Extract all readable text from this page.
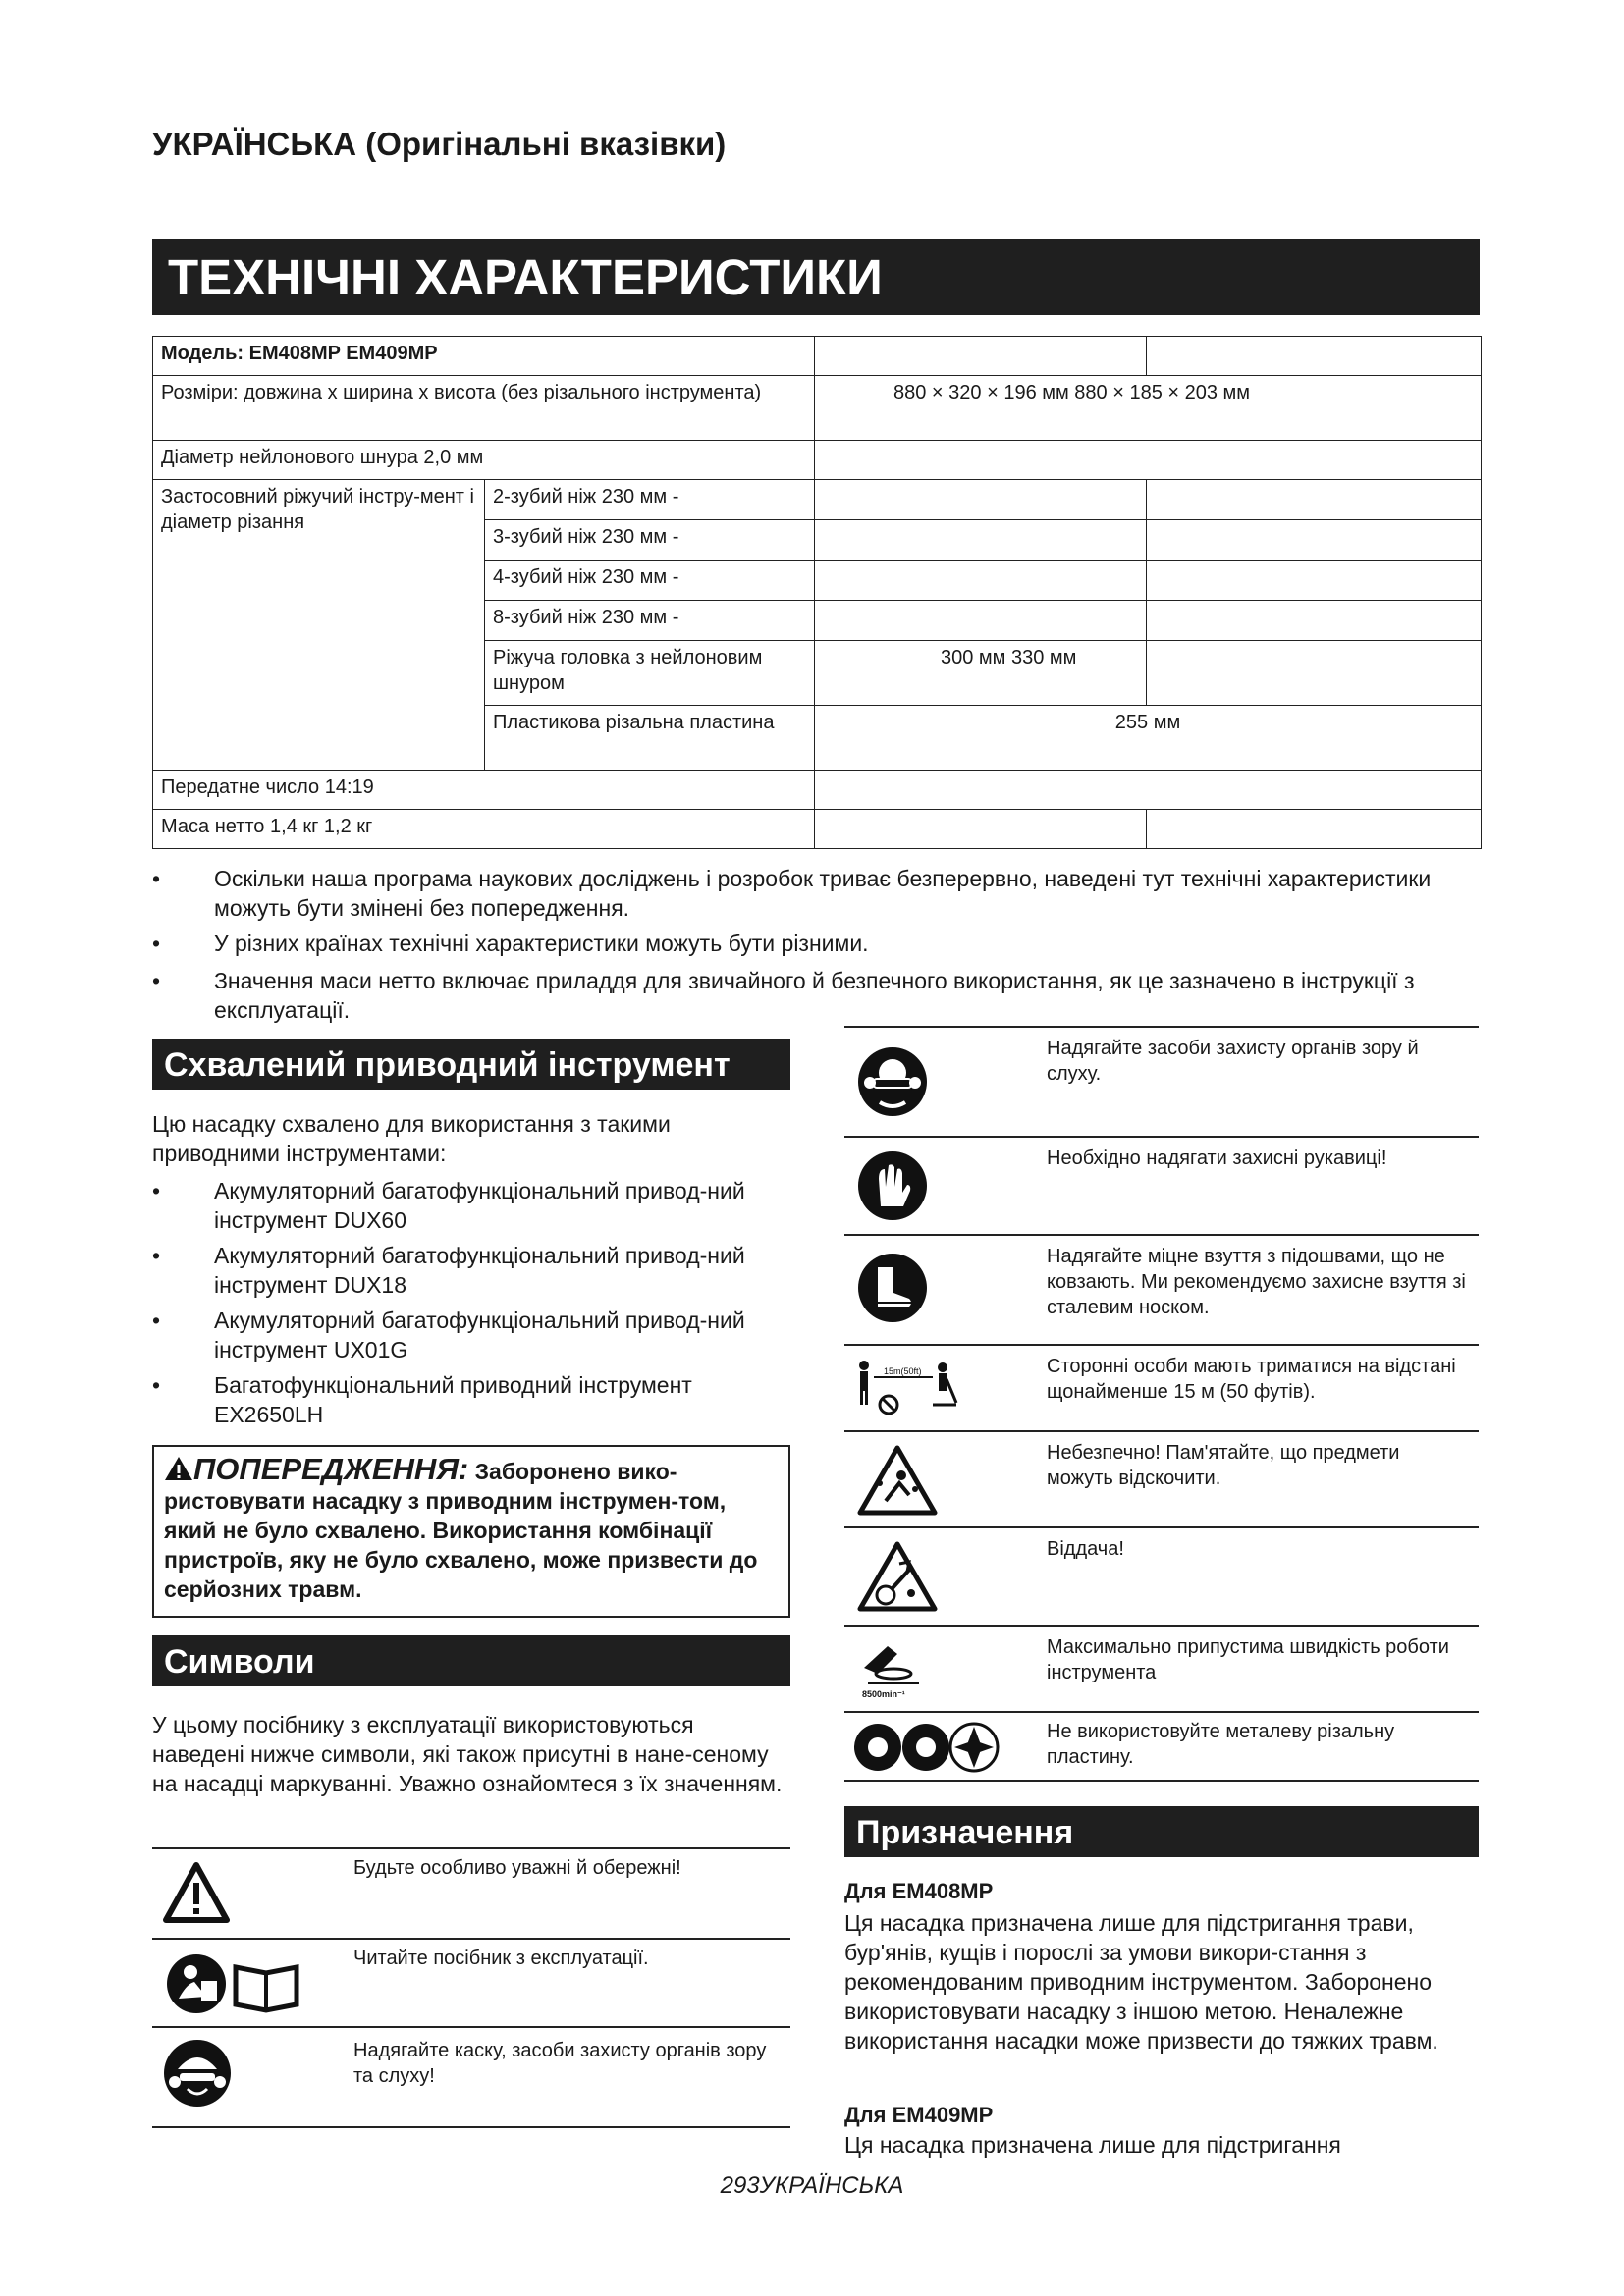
УКРАЇНСЬКА (Оригінальні вказівки)
ТЕХНІЧНІ ХАРАКТЕРИСТИКИ
Модель: EM408MP EM409MP			
Розміри: довжина x ширина x висота (без різального інструмента)		880 × 320 × 196 мм 880 × 185 × 203 мм	
Діаметр нейлонового шнура 2,0 мм			
Застосовний ріжучий інстру-мент і діаметр різання	2-зубий ніж 230 мм -		
	3-зубий ніж 230 мм -		
	4-зубий ніж 230 мм -		
	8-зубий ніж 230 мм -		
	Ріжуча головка з нейлоновим шнуром	300 мм 330 мм	
	Пластикова різальна пластина	255 мм	
Передатне число 14:19			
Маса нетто 1,4 кг 1,2 кг			
• Оскільки наша програма наукових досліджень і розробок триває безперервно, наведені тут технічні характеристики можуть бути змінені без попередження.
• У різних країнах технічні характеристики можуть бути різними.
• Значення маси нетто включає приладдя для звичайного й безпечного використання, як це зазначено в інструкції з експлуатації.
Схвалений приводний інструмент
Цю насадку схвалено для використання з такими приводними інструментами:
• Акумуляторний багатофункціональний привод-ний інструмент DUX60
• Акумуляторний багатофункціональний привод-ний інструмент DUX18
• Акумуляторний багатофункціональний привод-ний інструмент UX01G
• Багатофункціональний приводний інструмент EX2650LH
ПОПЕРЕДЖЕННЯ: Заборонено вико-ристовувати насадку з приводним інструмен-том, який не було схвалено. Використання комбінації пристроїв, яку не було схвалено, може призвести до серйозних травм.
Символи
У цьому посібнику з експлуатації використовуються наведені нижче символи, які також присутні в нане-сеному на насадці маркуванні. Уважно ознайомтеся з їх значенням.
Будьте особливо уважні й обережні!
Читайте посібник з експлуатації.
Надягайте каску, засоби захисту органів зору та слуху!
Надягайте засоби захисту органів зору й слуху.
Необхідно надягати захисні рукавиці!
Надягайте міцне взуття з підошвами, що не ковзають. Ми рекомендуємо захисне взуття зі сталевим носком.
15m(50ft)	Сторонні особи мають триматися на відстані щонайменше 15 м (50 футів).
Небезпечно! Пам'ятайте, що предмети можуть відскочити.
Віддача!
8500min⁻¹
Максимально припустима швидкість роботи інструмента
Не використовуйте металеву різальну пластину.
Призначення
Для EM408MP
Ця насадка призначена лише для підстригання трави, бур'янів, кущів і порослі за умови викори-стання з рекомендованим приводним інструментом. Заборонено використовувати насадку з іншою метою. Неналежне використання насадки може призвести до тяжких травм.
Для EM409MP
Ця насадка призначена лише для підстригання
293УКРАЇНСЬКА
